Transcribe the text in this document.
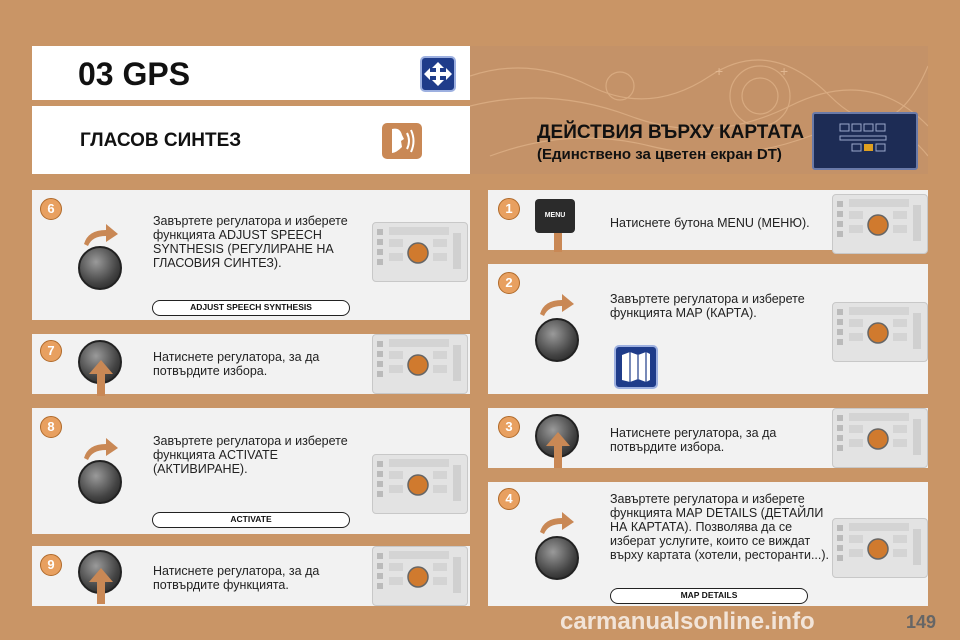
03 GPS	+	+
ГЛАСОВ СИНТЕЗ	ДЕЙСТВИЯ ВЪРХУ КАРТАТА
(Единствено за цветен екран DT)
6
7
8
9
1
2
3
4
Завъртете регулатора и изберете функцията ADJUST SPEECH SYNTHESIS (РЕГУЛИРАНЕ НА ГЛАСОВИЯ СИНТЕЗ).
Натиснете регулатора, за да потвърдите избора.
Завъртете регулатора и изберете функцията ACTIVATE (АКТИВИРАНЕ).
Натиснете регулатора, за да потвърдите функцията.
Натиснете бутона MENU (МЕНЮ).
Завъртете регулатора и изберете функцията MAP (КАРТА).
Натиснете регулатора, за да потвърдите избора.
Завъртете регулатора и изберете функцията MAP DETAILS (ДЕТАЙЛИ НА КАРТАТА). Позволява да се изберат услугите, които се виждат върху картата (хотели, ресторанти...).
ADJUST SPEECH SYNTHESIS
ACTIVATE
MAP DETAILS
MENU
carmanualsonline.info	149
